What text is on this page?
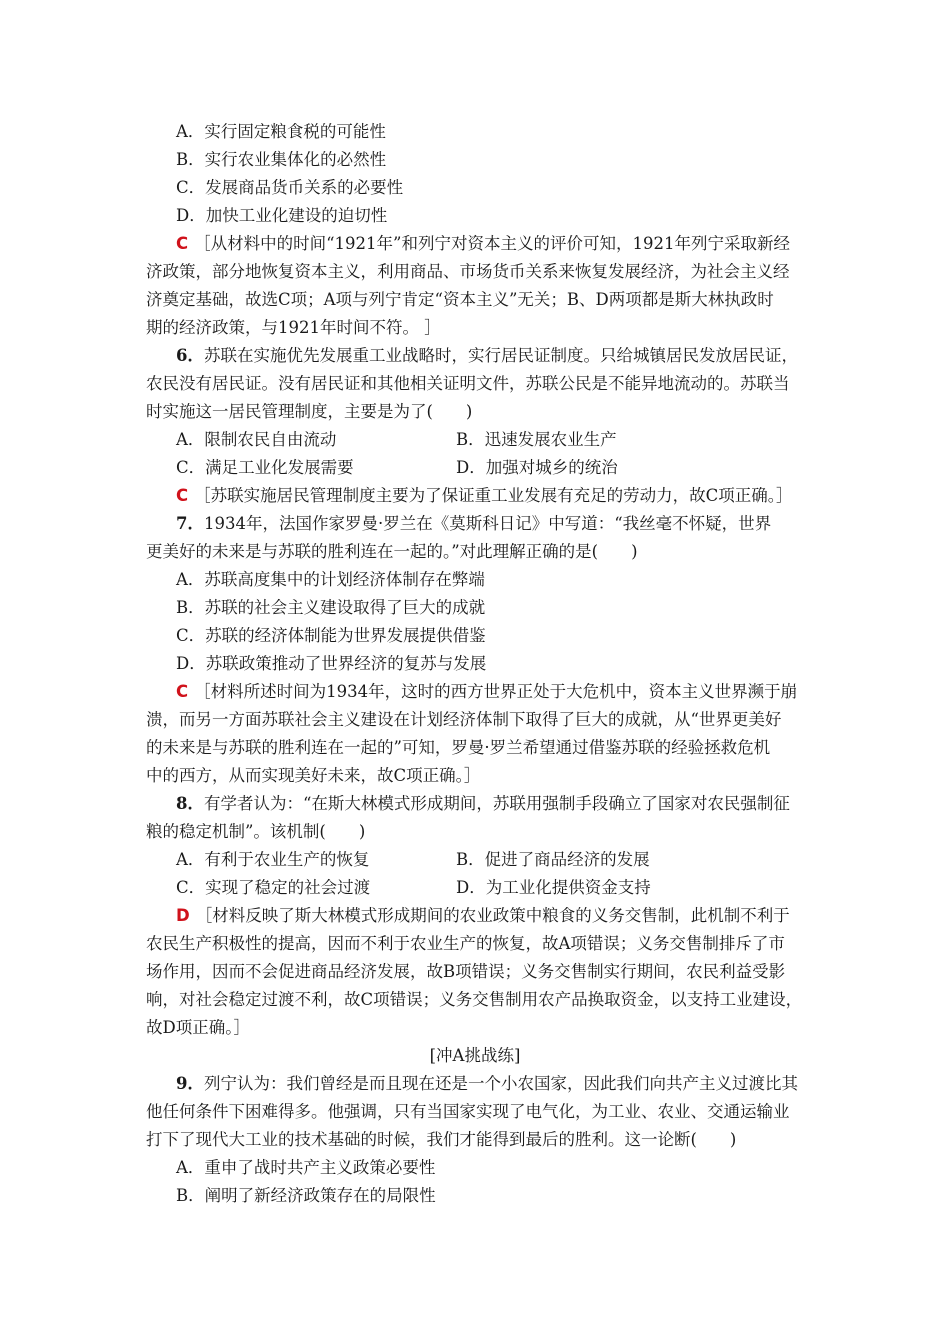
A．实行固定粮食税的可能性
B．实行农业集体化的必然性
C．发展商品货币关系的必要性
D．加快工业化建设的迫切性
C ［从材料中的时间“1921年”和列宁对资本主义的评价可知，1921年列宁采取新经
济政策，部分地恢复资本主义，利用商品、市场货币关系来恢复发展经济，为社会主义经
济奠定基础，故选C项；A项与列宁肯定“资本主义”无关；B、D两项都是斯大林执政时
期的经济政策，与1921年时间不符。 ］
6．苏联在实施优先发展重工业战略时，实行居民证制度。只给城镇居民发放居民证，
农民没有居民证。没有居民证和其他相关证明文件，苏联公民是不能异地流动的。苏联当
时实施这一居民管理制度，主要是为了(　　)
A．限制农民自由流动	B．迅速发展农业生产
C．满足工业化发展需要	D．加强对城乡的统治
C ［苏联实施居民管理制度主要为了保证重工业发展有充足的劳动力，故C项正确。］
7．1934年，法国作家罗曼·罗兰在《莫斯科日记》中写道：“我丝毫不怀疑，世界
更美好的未来是与苏联的胜利连在一起的。”对此理解正确的是(　　)
A．苏联高度集中的计划经济体制存在弊端
B．苏联的社会主义建设取得了巨大的成就
C．苏联的经济体制能为世界发展提供借鉴
D．苏联政策推动了世界经济的复苏与发展
C ［材料所述时间为1934年，这时的西方世界正处于大危机中，资本主义世界濒于崩
溃，而另一方面苏联社会主义建设在计划经济体制下取得了巨大的成就，从“世界更美好
的未来是与苏联的胜利连在一起的”可知，罗曼·罗兰希望通过借鉴苏联的经验拯救危机
中的西方，从而实现美好未来，故C项正确。］
8．有学者认为：“在斯大林模式形成期间，苏联用强制手段确立了国家对农民强制征
粮的稳定机制”。该机制(　　)
A．有利于农业生产的恢复	B．促进了商品经济的发展
C．实现了稳定的社会过渡	D．为工业化提供资金支持
D ［材料反映了斯大林模式形成期间的农业政策中粮食的义务交售制，此机制不利于
农民生产积极性的提高，因而不利于农业生产的恢复，故A项错误；义务交售制排斥了市
场作用，因而不会促进商品经济发展，故B项错误；义务交售制实行期间，农民利益受影
响，对社会稳定过渡不利，故C项错误；义务交售制用农产品换取资金，以支持工业建设，
故D项正确。］
[冲A挑战练]
9．列宁认为：我们曾经是而且现在还是一个小农国家，因此我们向共产主义过渡比其
他任何条件下困难得多。他强调，只有当国家实现了电气化，为工业、农业、交通运输业
打下了现代大工业的技术基础的时候，我们才能得到最后的胜利。这一论断(　　)
A．重申了战时共产主义政策必要性
B．阐明了新经济政策存在的局限性
